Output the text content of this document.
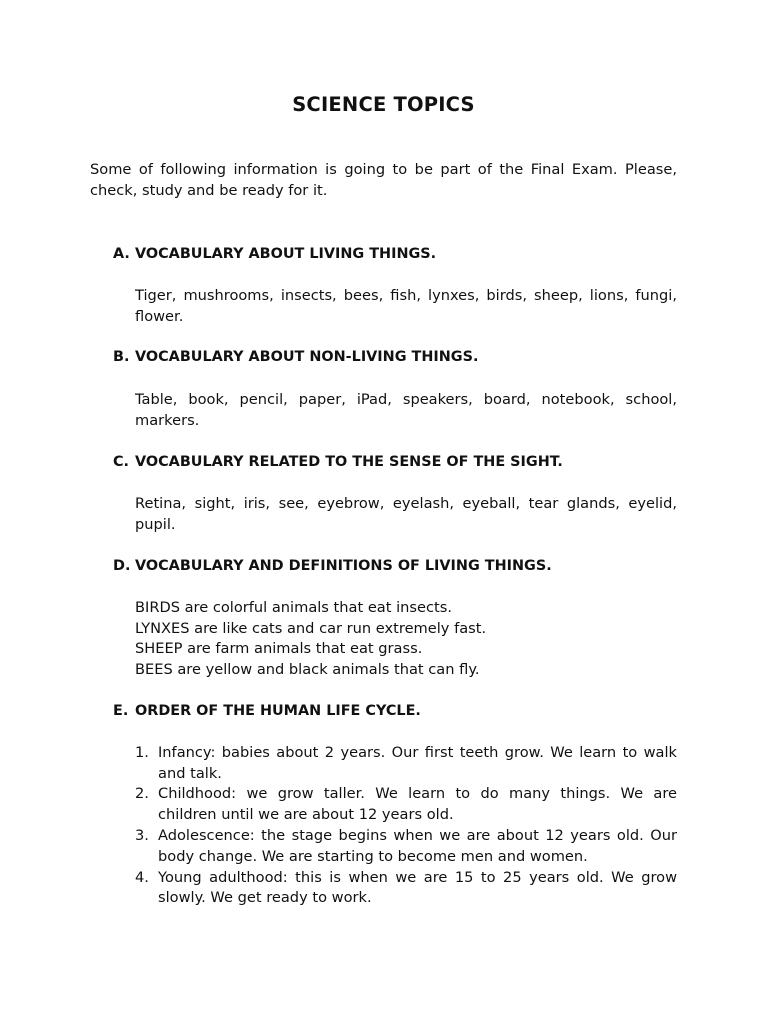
SCIENCE TOPICS
Some of following information is going to be part of the Final Exam. Please, check, study and be ready for it.
A. VOCABULARY ABOUT LIVING THINGS.
Tiger, mushrooms, insects, bees, fish, lynxes, birds, sheep, lions, fungi, flower.
B. VOCABULARY ABOUT NON-LIVING THINGS.
Table, book, pencil, paper, iPad, speakers, board, notebook, school, markers.
C. VOCABULARY RELATED TO THE SENSE OF THE SIGHT.
Retina, sight, iris, see, eyebrow, eyelash, eyeball, tear glands, eyelid, pupil.
D. VOCABULARY AND DEFINITIONS OF LIVING THINGS.
BIRDS are colorful animals that eat insects.
LYNXES are like cats and car run extremely fast.
SHEEP are farm animals that eat grass.
BEES are yellow and black animals that can fly.
E. ORDER OF THE HUMAN LIFE CYCLE.
1. Infancy: babies about 2 years. Our first teeth grow. We learn to walk and talk.
2. Childhood: we grow taller. We learn to do many things. We are children until we are about 12 years old.
3. Adolescence: the stage begins when we are about 12 years old. Our body change. We are starting to become men and women.
4. Young adulthood: this is when we are 15 to 25 years old. We grow slowly. We get ready to work.
